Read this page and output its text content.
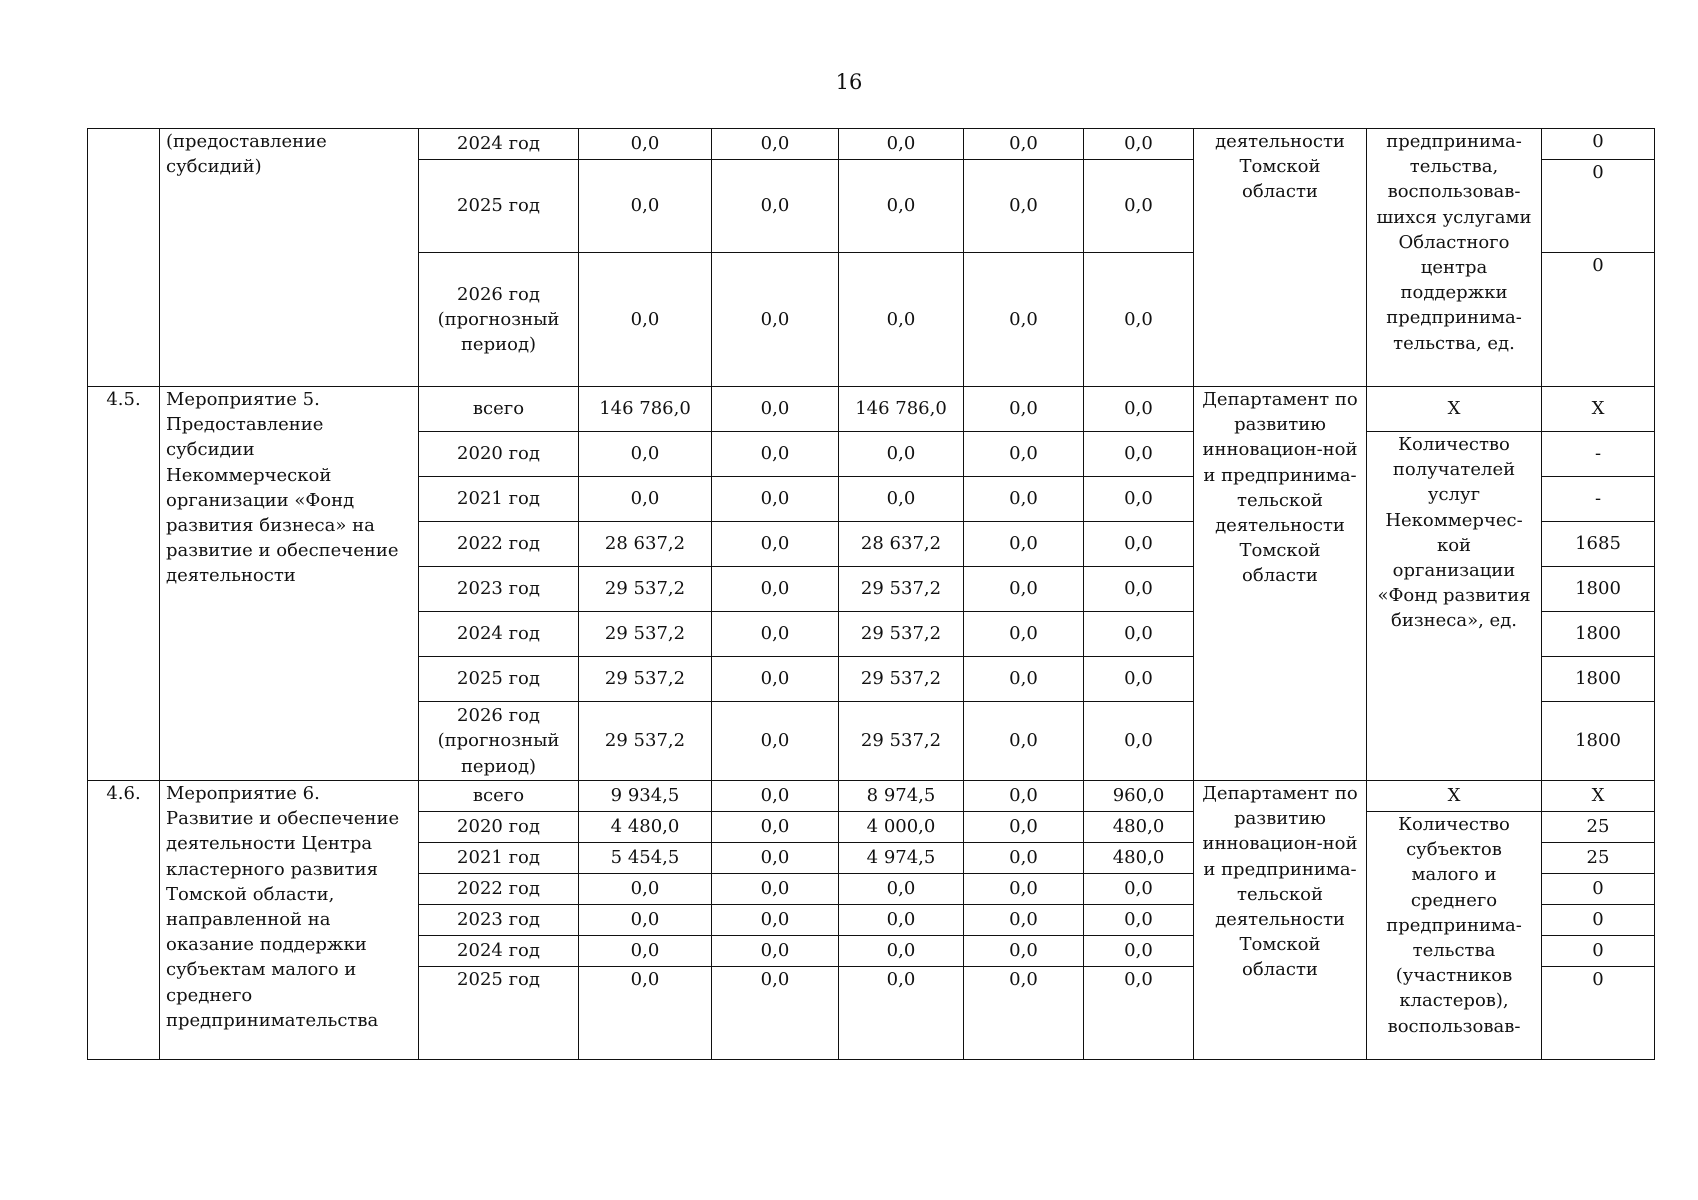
16
	(предоставление субсидий)	2024 год	0,0	0,0	0,0	0,0	0,0	деятельности Томской области	предпринима-тельства, воспользовав-шихся услугами Областного центра поддержки предпринима-тельства, ед.	0
		2025 год	0,0	0,0	0,0	0,0	0,0			0
		2026 год (прогнозный период)	0,0	0,0	0,0	0,0	0,0			0
4.5.	Мероприятие 5. Предоставление субсидии Некоммерческой организации «Фонд развития бизнеса» на развитие и обеспечение деятельности	всего	146 786,0	0,0	146 786,0	0,0	0,0	Департамент по развитию инновацион-ной и предпринима-тельской деятельности Томской области	Х	Х
		2020 год	0,0	0,0	0,0	0,0	0,0		Количество получателей услуг Некоммерчес-кой организации «Фонд развития бизнеса», ед.	-
		2021 год	0,0	0,0	0,0	0,0	0,0			-
		2022 год	28 637,2	0,0	28 637,2	0,0	0,0			1685
		2023 год	29 537,2	0,0	29 537,2	0,0	0,0			1800
		2024 год	29 537,2	0,0	29 537,2	0,0	0,0			1800
		2025 год	29 537,2	0,0	29 537,2	0,0	0,0			1800
		2026 год (прогнозный период)	29 537,2	0,0	29 537,2	0,0	0,0			1800
4.6.	Мероприятие 6. Развитие и обеспечение деятельности Центра кластерного развития Томской области, направленной на оказание поддержки субъектам малого и среднего предпринимательства	всего	9 934,5	0,0	8 974,5	0,0	960,0	Департамент по развитию инновацион-ной и предпринима-тельской деятельности Томской области	Х	Х
		2020 год	4 480,0	0,0	4 000,0	0,0	480,0		Количество субъектов малого и среднего предпринима-тельства (участников кластеров), воспользовав-	25
		2021 год	5 454,5	0,0	4 974,5	0,0	480,0			25
		2022 год	0,0	0,0	0,0	0,0	0,0			0
		2023 год	0,0	0,0	0,0	0,0	0,0			0
		2024 год	0,0	0,0	0,0	0,0	0,0			0
		2025 год	0,0	0,0	0,0	0,0	0,0			0
